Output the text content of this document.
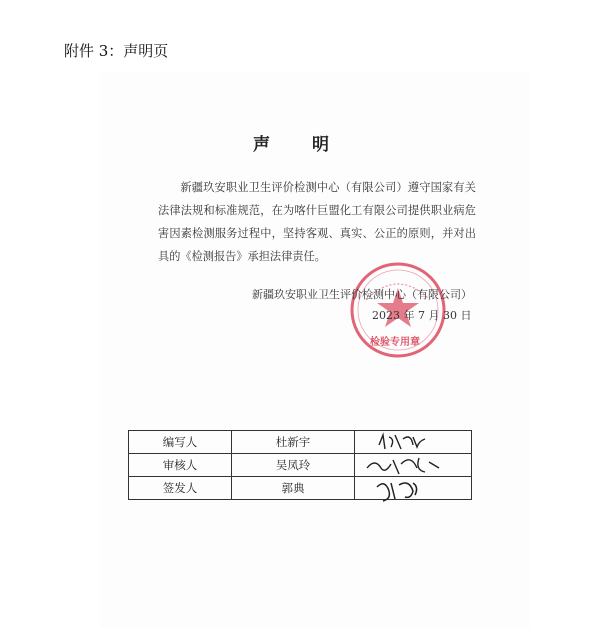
附件 3：声明页
声 明
新疆玖安职业卫生评价检测中心（有限公司）遵守国家有关法律法规和标准规范，在为喀什巨盟化工有限公司提供职业病危害因素检测服务过程中，坚持客观、真实、公正的原则，并对出具的《检测报告》承担法律责任。
新疆玖安职业卫生评价检测中心（有限公司）
2023 年 7 月 30 日
检验专用章
编写人	杜新宇	

审核人	吴凤玲	

签发人	郭典	
